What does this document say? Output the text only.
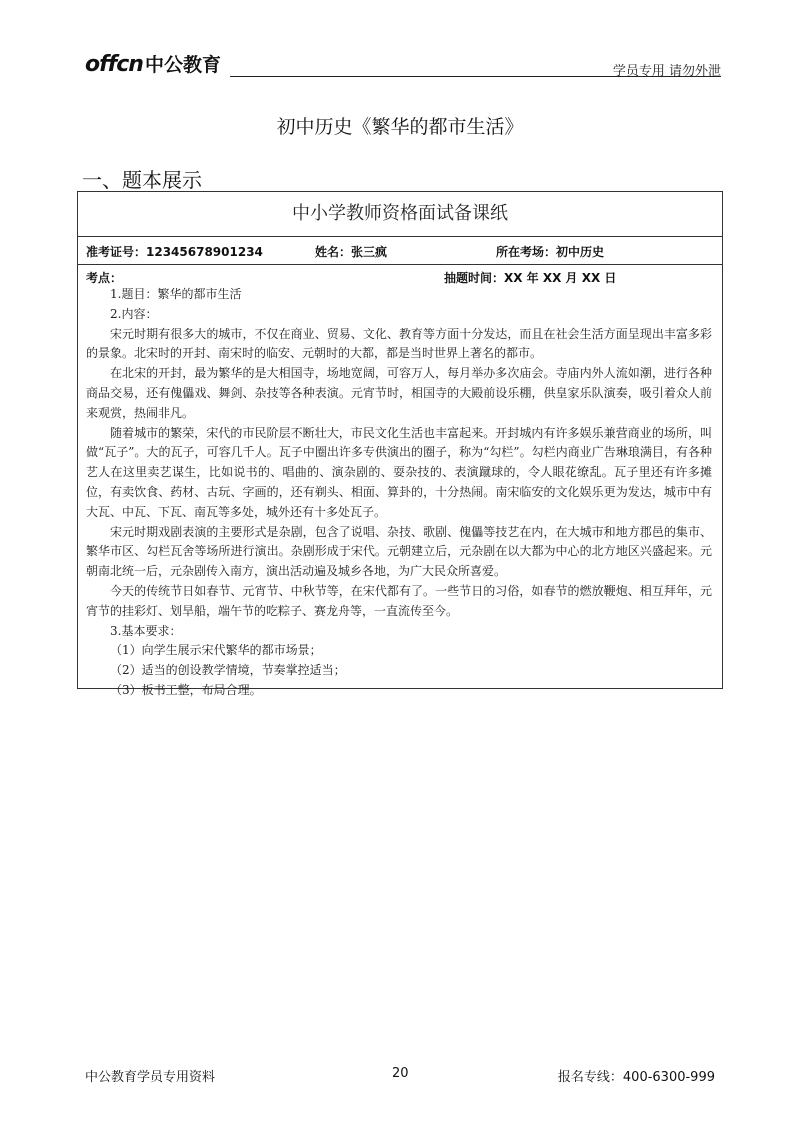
offcn 中公教育	学员专用 请勿外泄
初中历史《繁华的都市生活》
一、题本展示
中小学教师资格面试备课纸
准考证号：12345678901234	姓名：张三疯	所在考场：初中历史
考点：	抽题时间：XX 年 XX 月 XX 日

1.题目：繁华的都市生活

2.内容：

宋元时期有很多大的城市，不仅在商业、贸易、文化、教育等方面十分发达，而且在社会生活方面呈现出丰富多彩的景象。北宋时的开封、南宋时的临安、元朝时的大都，都是当时世界上著名的都市。

在北宋的开封，最为繁华的是大相国寺，场地宽阔，可容万人，每月举办多次庙会。寺庙内外人流如潮，进行各种商品交易，还有傀儡戏、舞剑、杂技等各种表演。元宵节时，相国寺的大殿前设乐棚，供皇家乐队演奏，吸引着众人前来观赏，热闹非凡。

随着城市的繁荣，宋代的市民阶层不断壮大，市民文化生活也丰富起来。开封城内有许多娱乐兼营商业的场所，叫做“瓦子”。大的瓦子，可容几千人。瓦子中圈出许多专供演出的圈子，称为“勾栏”。勾栏内商业广告琳琅满目，有各种艺人在这里卖艺谋生，比如说书的、唱曲的、演杂剧的、耍杂技的、表演蹴球的，令人眼花缭乱。瓦子里还有许多摊位，有卖饮食、药材、古玩、字画的，还有剃头、相面、算卦的，十分热闹。南宋临安的文化娱乐更为发达，城市中有大瓦、中瓦、下瓦、南瓦等多处，城外还有十多处瓦子。

宋元时期戏剧表演的主要形式是杂剧，包含了说唱、杂技、歌剧、傀儡等技艺在内，在大城市和地方郡邑的集市、繁华市区、勾栏瓦舍等场所进行演出。杂剧形成于宋代。元朝建立后，元杂剧在以大都为中心的北方地区兴盛起来。元朝南北统一后，元杂剧传入南方，演出活动遍及城乡各地，为广大民众所喜爱。

今天的传统节日如春节、元宵节、中秋节等，在宋代都有了。一些节日的习俗，如春节的燃放鞭炮、相互拜年，元宵节的挂彩灯、划旱船，端午节的吃粽子、赛龙舟等，一直流传至今。

3.基本要求：

（1）向学生展示宋代繁华的都市场景；

（2）适当的创设教学情境，节奏掌控适当；

（3）板书工整，布局合理。

中公教育学员专用资料	20	报名专线：400-6300-999
